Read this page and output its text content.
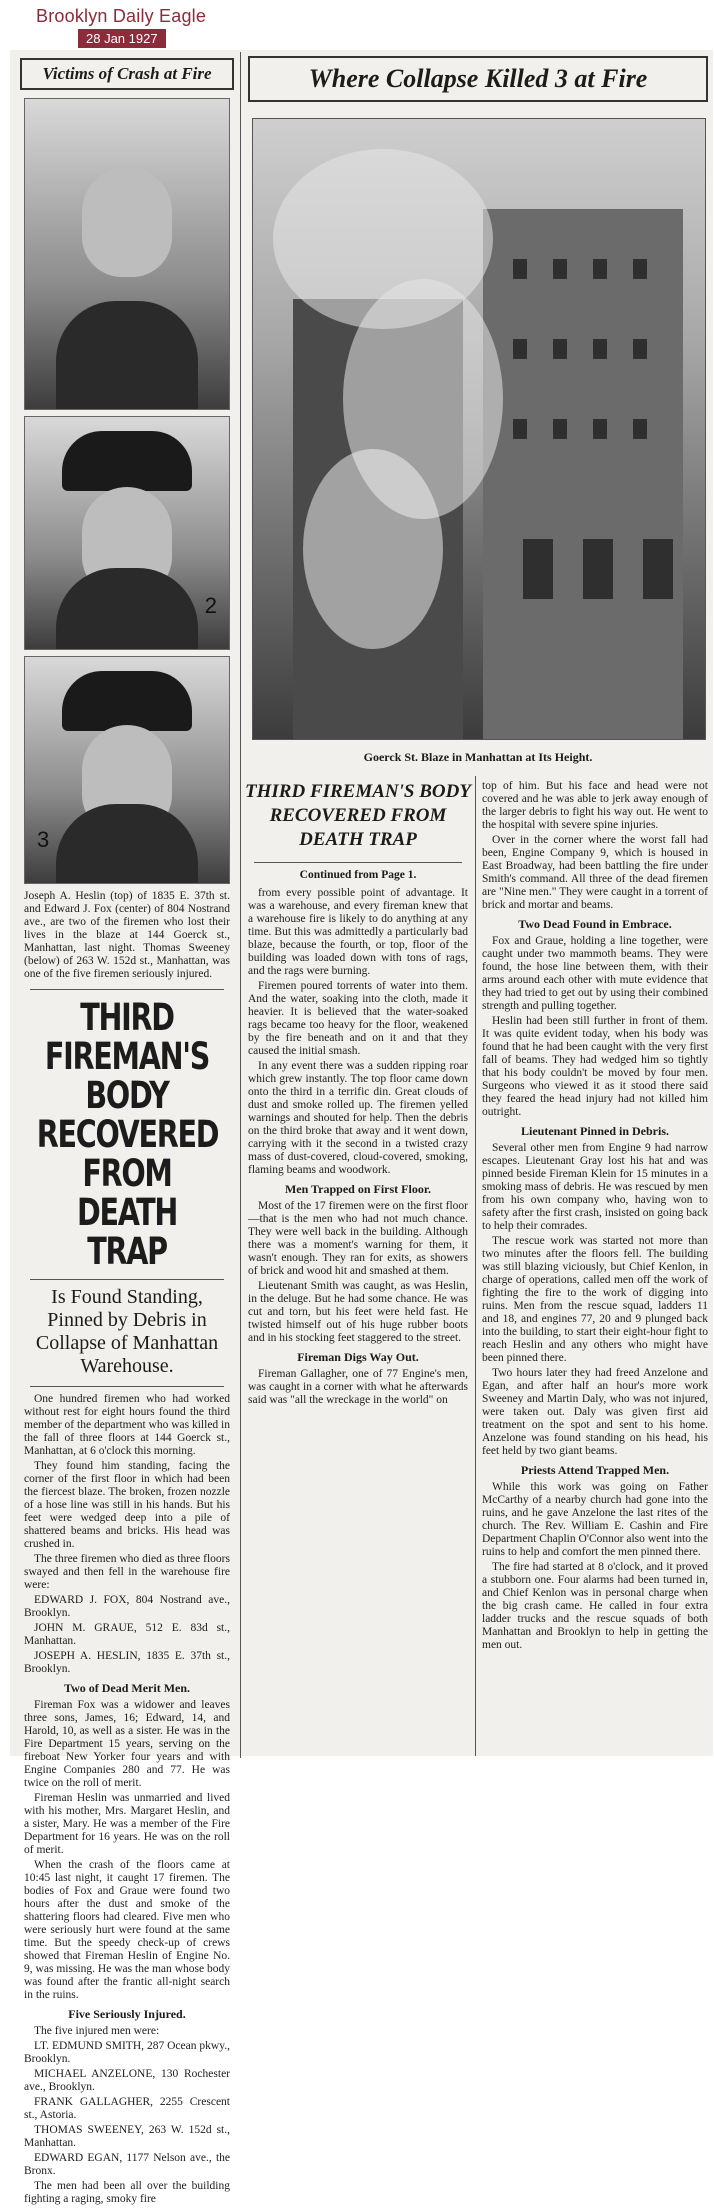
Brooklyn Daily Eagle
28 Jan 1927
Victims of Crash at Fire
2
3
Joseph A. Heslin (top) of 1835 E. 37th st. and Edward J. Fox (center) of 804 Nostrand ave., are two of the firemen who lost their lives in the blaze at 144 Goerck st., Manhattan, last night. Thomas Sweeney (below) of 263 W. 152d st., Manhattan, was one of the five firemen seriously injured.
THIRD FIREMAN'S BODY RECOVERED FROM DEATH TRAP
Is Found Standing, Pinned by Debris in Collapse of Manhattan Warehouse.

One hundred firemen who had worked without rest for eight hours found the third member of the department who was killed in the fall of three floors at 144 Goerck st., Manhattan, at 6 o'clock this morning.

They found him standing, facing the corner of the first floor in which had been the fiercest blaze. The broken, frozen nozzle of a hose line was still in his hands. But his feet were wedged deep into a pile of shattered beams and bricks. His head was crushed in.

The three firemen who died as three floors swayed and then fell in the warehouse fire were:

EDWARD J. FOX, 804 Nostrand ave., Brooklyn.

JOHN M. GRAUE, 512 E. 83d st., Manhattan.

JOSEPH A. HESLIN, 1835 E. 37th st., Brooklyn.

Two of Dead Merit Men.

Fireman Fox was a widower and leaves three sons, James, 16; Edward, 14, and Harold, 10, as well as a sister. He was in the Fire Department 15 years, serving on the fireboat New Yorker four years and with Engine Companies 280 and 77. He was twice on the roll of merit.

Fireman Heslin was unmarried and lived with his mother, Mrs. Margaret Heslin, and a sister, Mary. He was a member of the Fire Department for 16 years. He was on the roll of merit.

When the crash of the floors came at 10:45 last night, it caught 17 firemen. The bodies of Fox and Graue were found two hours after the dust and smoke of the shattering floors had cleared. Five men who were seriously hurt were found at the same time. But the speedy check-up of crews showed that Fireman Heslin of Engine No. 9, was missing. He was the man whose body was found after the frantic all-night search in the ruins.

Five Seriously Injured.

The five injured men were:

LT. EDMUND SMITH, 287 Ocean pkwy., Brooklyn.

MICHAEL ANZELONE, 130 Rochester ave., Brooklyn.

FRANK GALLAGHER, 2255 Crescent st., Astoria.

THOMAS SWEENEY, 263 W. 152d st., Manhattan.

EDWARD EGAN, 1177 Nelson ave., the Bronx.

The men had been all over the building fighting a raging, smoky fire

Where Collapse Killed 3 at Fire
Goerck St. Blaze in Manhattan at Its Height.
THIRD FIREMAN'S BODY RECOVERED FROM DEATH TRAP
Continued from Page 1.

from every possible point of advantage. It was a warehouse, and every fireman knew that a warehouse fire is likely to do anything at any time. But this was admittedly a particularly bad blaze, because the fourth, or top, floor of the building was loaded down with tons of rags, and the rags were burning.

Firemen poured torrents of water into them. And the water, soaking into the cloth, made it heavier. It is believed that the water-soaked rags became too heavy for the floor, weakened by the fire beneath and on it and that they caused the initial smash.

In any event there was a sudden ripping roar which grew instantly. The top floor came down onto the third in a terrific din. Great clouds of dust and smoke rolled up. The firemen yelled warnings and shouted for help. Then the debris on the third broke that away and it went down, carrying with it the second in a twisted crazy mass of dust-covered, cloud-covered, smoking, flaming beams and woodwork.

Men Trapped on First Floor.

Most of the 17 firemen were on the first floor—that is the men who had not much chance. They were well back in the building. Although there was a moment's warning for them, it wasn't enough. They ran for exits, as showers of brick and wood hit and smashed at them.

Lieutenant Smith was caught, as was Heslin, in the deluge. But he had some chance. He was cut and torn, but his feet were held fast. He twisted himself out of his huge rubber boots and in his stocking feet staggered to the street.

Fireman Digs Way Out.

Fireman Gallagher, one of 77 Engine's men, was caught in a corner with what he afterwards said was "all the wreckage in the world" on

top of him. But his face and head were not covered and he was able to jerk away enough of the larger debris to fight his way out. He went to the hospital with severe spine injuries.

Over in the corner where the worst fall had been, Engine Company 9, which is housed in East Broadway, had been battling the fire under Smith's command. All three of the dead firemen are "Nine men." They were caught in a torrent of brick and mortar and beams.

Two Dead Found in Embrace.

Fox and Graue, holding a line together, were caught under two mammoth beams. They were found, the hose line between them, with their arms around each other with mute evidence that they had tried to get out by using their combined strength and pulling together.

Heslin had been still further in front of them. It was quite evident today, when his body was found that he had been caught with the very first fall of beams. They had wedged him so tightly that his body couldn't be moved by four men. Surgeons who viewed it as it stood there said they feared the head injury had not killed him outright.

Lieutenant Pinned in Debris.

Several other men from Engine 9 had narrow escapes. Lieutenant Gray lost his hat and was pinned beside Fireman Klein for 15 minutes in a smoking mass of debris. He was rescued by men from his own company who, having won to safety after the first crash, insisted on going back to help their comrades.

The rescue work was started not more than two minutes after the floors fell. The building was still blazing viciously, but Chief Kenlon, in charge of operations, called men off the work of fighting the fire to the work of digging into ruins. Men from the rescue squad, ladders 11 and 18, and engines 77, 20 and 9 plunged back into the building, to start their eight-hour fight to reach Heslin and any others who might have been pinned there.

Two hours later they had freed Anzelone and Egan, and after half an hour's more work Sweeney and Martin Daly, who was not injured, were taken out. Daly was given first aid treatment on the spot and sent to his home. Anzelone was found standing on his head, his feet held by two giant beams.

Priests Attend Trapped Men.

While this work was going on Father McCarthy of a nearby church had gone into the ruins, and he gave Anzelone the last rites of the church. The Rev. William E. Cashin and Fire Department Chaplin O'Connor also went into the ruins to help and comfort the men pinned there.

The fire had started at 8 o'clock, and it proved a stubborn one. Four alarms had been turned in, and Chief Kenlon was in personal charge when the big crash came. He called in four extra ladder trucks and the rescue squads of both Manhattan and Brooklyn to help in getting the men out.
